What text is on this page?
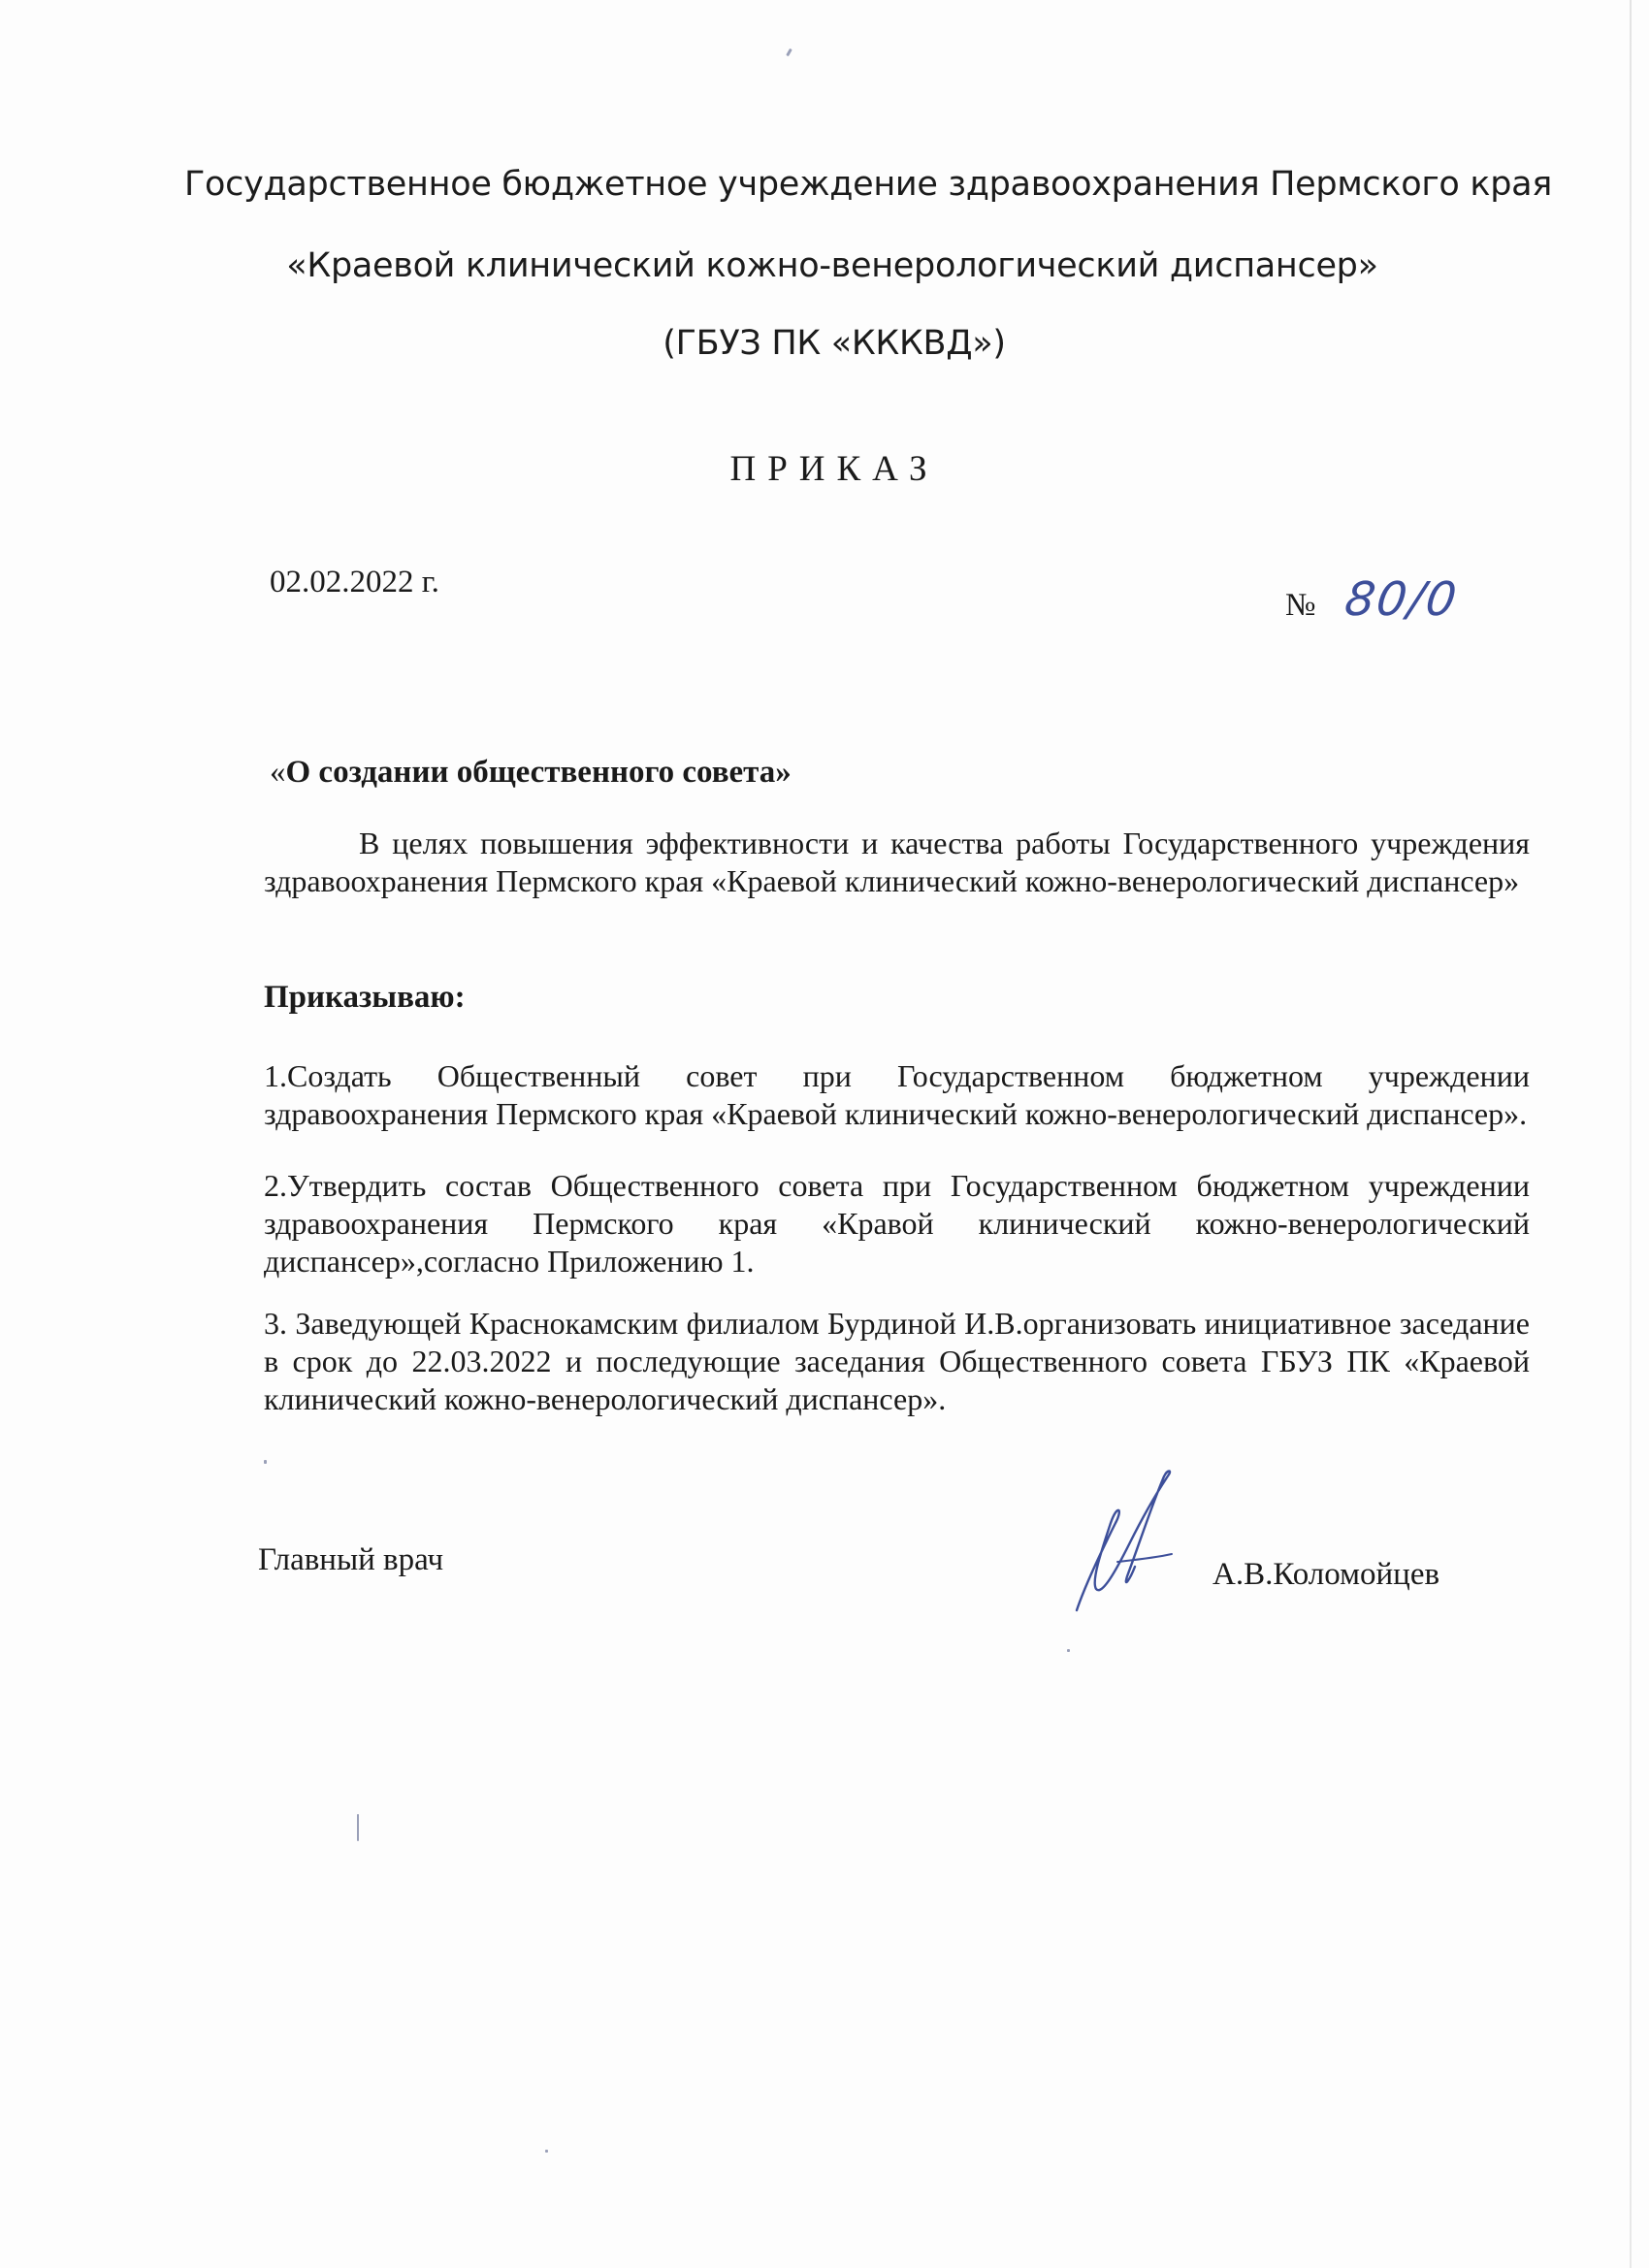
Государственное бюджетное учреждение здравоохранения Пермского края
«Краевой клинический кожно-венерологический диспансер»
(ГБУЗ ПК «КККВД»)
ПРИКАЗ
02.02.2022 г.
№ 80/0
«О создании общественного совета»
В целях повышения эффективности и качества работы Государственного учреждения здравоохранения Пермского края «Краевой клинический кожно-венерологический диспансер»
Приказываю:
1.Создать Общественный совет при Государственном бюджетном учреждении здравоохранения Пермского края «Краевой клинический кожно-венерологический диспансер».
2.Утвердить состав Общественного совета при Государственном бюджетном учреждении здравоохранения Пермского края «Кравой клинический кожно-венерологический диспансер»,согласно Приложению 1.
3. Заведующей Краснокамским филиалом Бурдиной И.В.организовать инициативное заседание в срок до 22.03.2022 и последующие заседания Общественного совета ГБУЗ ПК «Краевой клинический кожно-венерологический диспансер».
Главный врач	А.В.Коломойцев
